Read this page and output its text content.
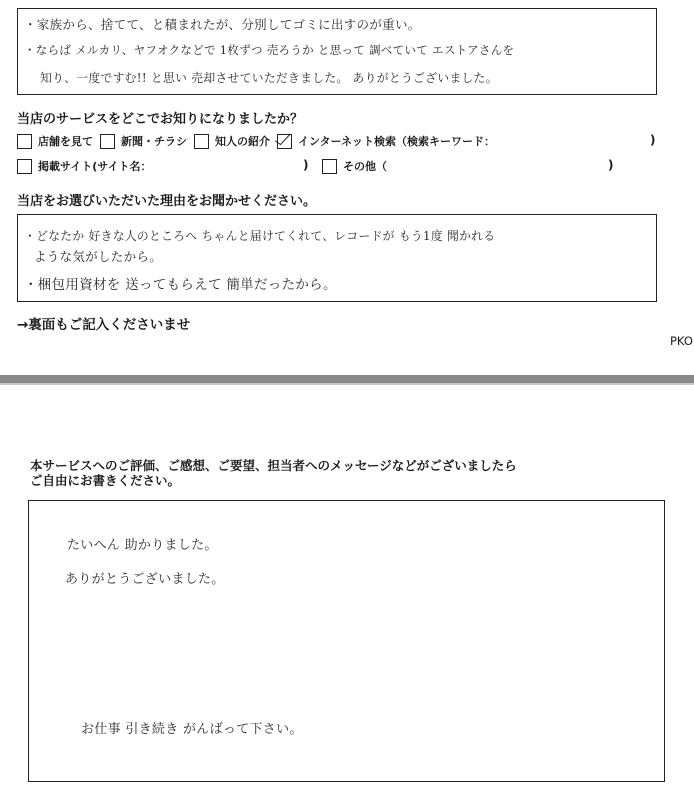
・家族から、捨てて、と積まれたが、分別してゴミに出すのが重い。
・ならば メルカリ、ヤフオクなどで 1枚ずつ 売ろうか と思って 調べていて エストアさんを
知り、一度ですむ!! と思い 売却させていただきました。 ありがとうございました。
当店のサービスをどこでお知りになりましたか？
店舗を見て	新聞・チラシ	知人の紹介	インターネット検索（検索キーワード：	)
掲載サイト(サイト名：	)	その他（	)
当店をお選びいただいた理由をお聞かせください。
・どなたか 好きな人のところへ ちゃんと届けてくれて、レコードが もう1度 聞かれる
ような気がしたから。
・梱包用資材を 送ってもらえて 簡単だったから。
→裏面もご記入くださいませ
PKO
本サービスへのご評価、ご感想、ご要望、担当者へのメッセージなどがございましたら
ご自由にお書きください。
たいへん 助かりました。
ありがとうございました。
お仕事 引き続き がんばって下さい。
